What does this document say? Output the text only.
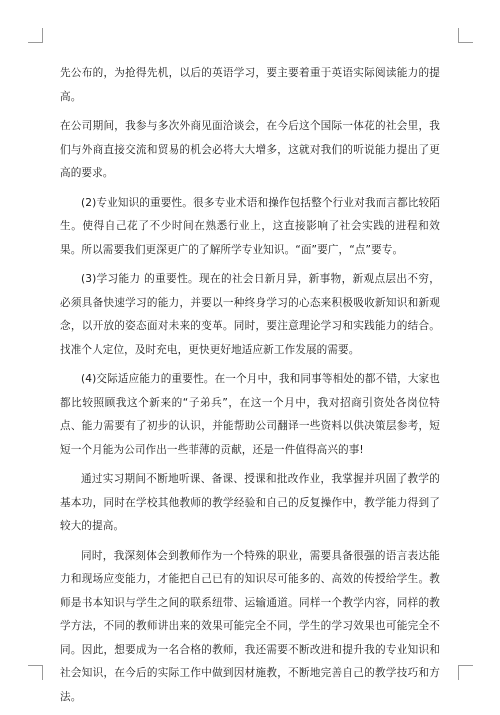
先公布的，为抢得先机，以后的英语学习，要主要着重于英语实际阅读能力的提高。

在公司期间，我参与多次外商见面洽谈会，在今后这个国际一体花的社会里，我们与外商直接交流和贸易的机会必将大大增多，这就对我们的听说能力提出了更高的要求。

(2)专业知识的重要性。很多专业术语和操作包括整个行业对我而言都比较陌生。使得自己花了不少时间在熟悉行业上，这直接影响了社会实践的进程和效果。所以需要我们更深更广的了解所学专业知识。“面”要广，“点”要专。

(3)学习能力 的重要性。现在的社会日新月异，新事物，新观点层出不穷，必须具备快速学习的能力，并要以一种终身学习的心态来积极吸收新知识和新观念，以开放的姿态面对未来的变革。同时，要注意理论学习和实践能力的结合。找准个人定位，及时充电，更快更好地适应新工作发展的需要。

(4)交际适应能力的重要性。在一个月中，我和同事等相处的都不错，大家也都比较照顾我这个新来的“子弟兵”，在这一个月中，我对招商引资处各岗位特点、能力需要有了初步的认识，并能帮助公司翻译一些资料以供决策层参考，短短一个月能为公司作出一些菲薄的贡献，还是一件值得高兴的事!

通过实习期间不断地听课、备课、授课和批改作业，我掌握并巩固了教学的基本功，同时在学校其他教师的教学经验和自己的反复操作中，教学能力得到了较大的提高。

同时，我深刻体会到教师作为一个特殊的职业，需要具备很强的语言表达能力和现场应变能力，才能把自己已有的知识尽可能多的、高效的传授给学生。教师是书本知识与学生之间的联系纽带、运输通道。同样一个教学内容，同样的教学方法，不同的教师讲出来的效果可能完全不同，学生的学习效果也可能完全不同。因此，想要成为一名合格的教师，我还需要不断改进和提升我的专业知识和社会知识，在今后的实际工作中做到因材施教，不断地完善自己的教学技巧和方法。
